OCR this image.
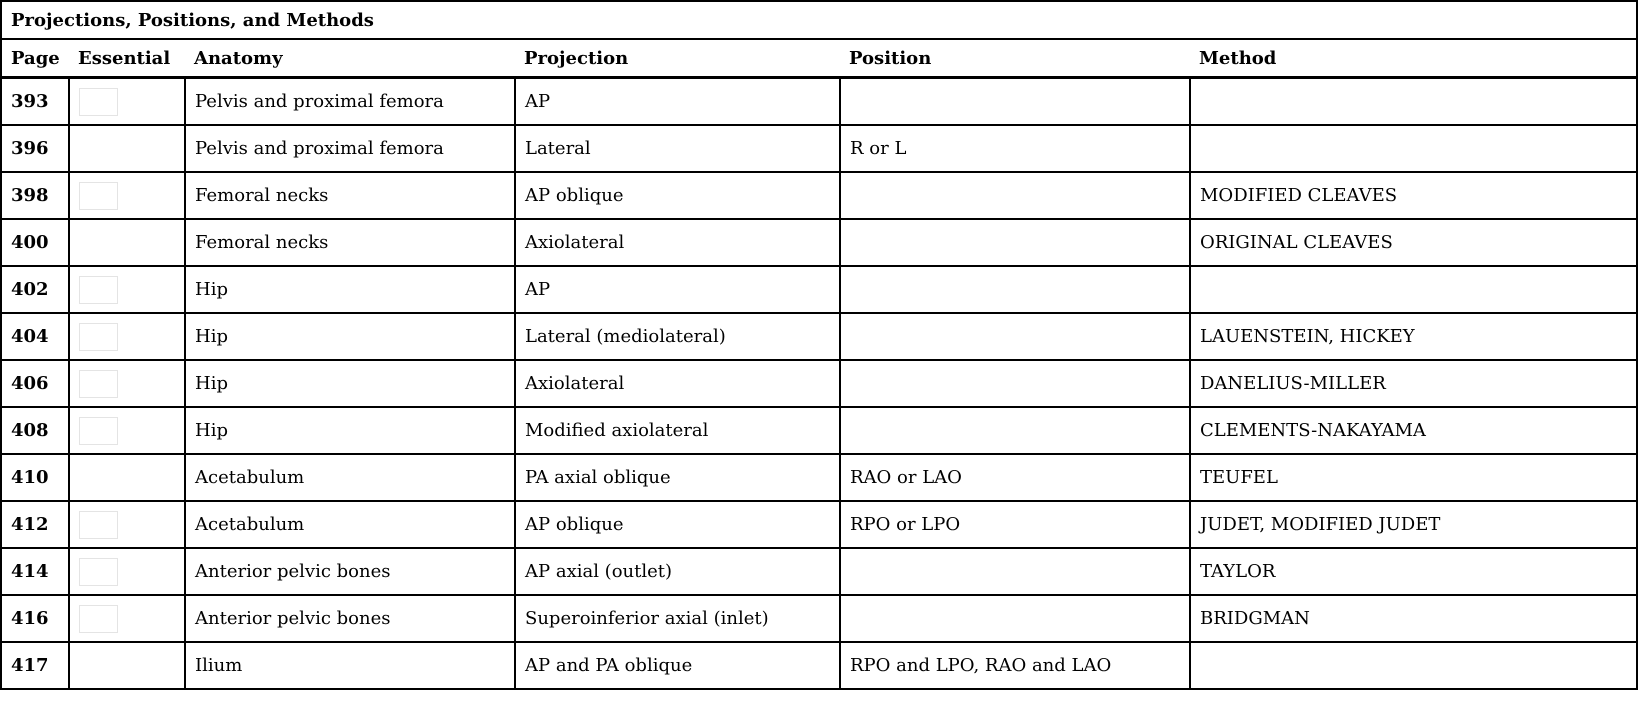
Projections, Positions, and Methods					
Page	Essential	Anatomy	Projection	Position	Method
393		Pelvis and proximal femora	AP		
396		Pelvis and proximal femora	Lateral	R or L	
398		Femoral necks	AP oblique		MODIFIED CLEAVES
400		Femoral necks	Axiolateral		ORIGINAL CLEAVES
402		Hip	AP		
404		Hip	Lateral (mediolateral)		LAUENSTEIN, HICKEY
406		Hip	Axiolateral		DANELIUS-MILLER
408		Hip	Modified axiolateral		CLEMENTS-NAKAYAMA
410		Acetabulum	PA axial oblique	RAO or LAO	TEUFEL
412		Acetabulum	AP oblique	RPO or LPO	JUDET, MODIFIED JUDET
414		Anterior pelvic bones	AP axial (outlet)		TAYLOR
416		Anterior pelvic bones	Superoinferior axial (inlet)		BRIDGMAN
417		Ilium	AP and PA oblique	RPO and LPO, RAO and LAO	
